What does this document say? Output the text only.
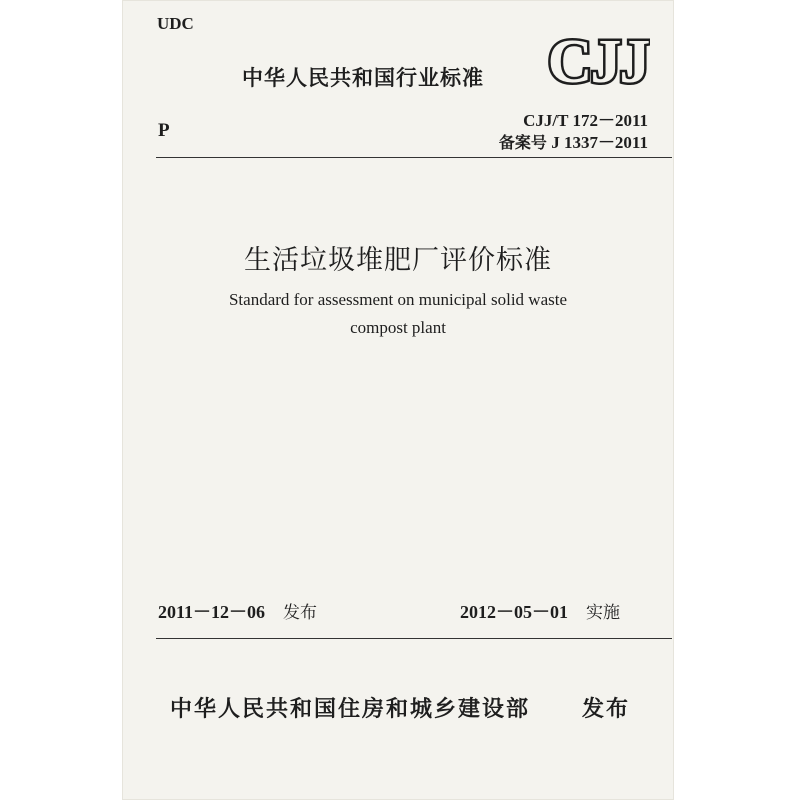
UDC
中华人民共和国行业标准 CJJ
CJJ/T 172－2011
备案号 J 1337－2011
P
生活垃圾堆肥厂评价标准
Standard for assessment on municipal solid waste
compost plant
2011－12－06 发布	2012－05－01 实施
中华人民共和国住房和城乡建设部 发布
